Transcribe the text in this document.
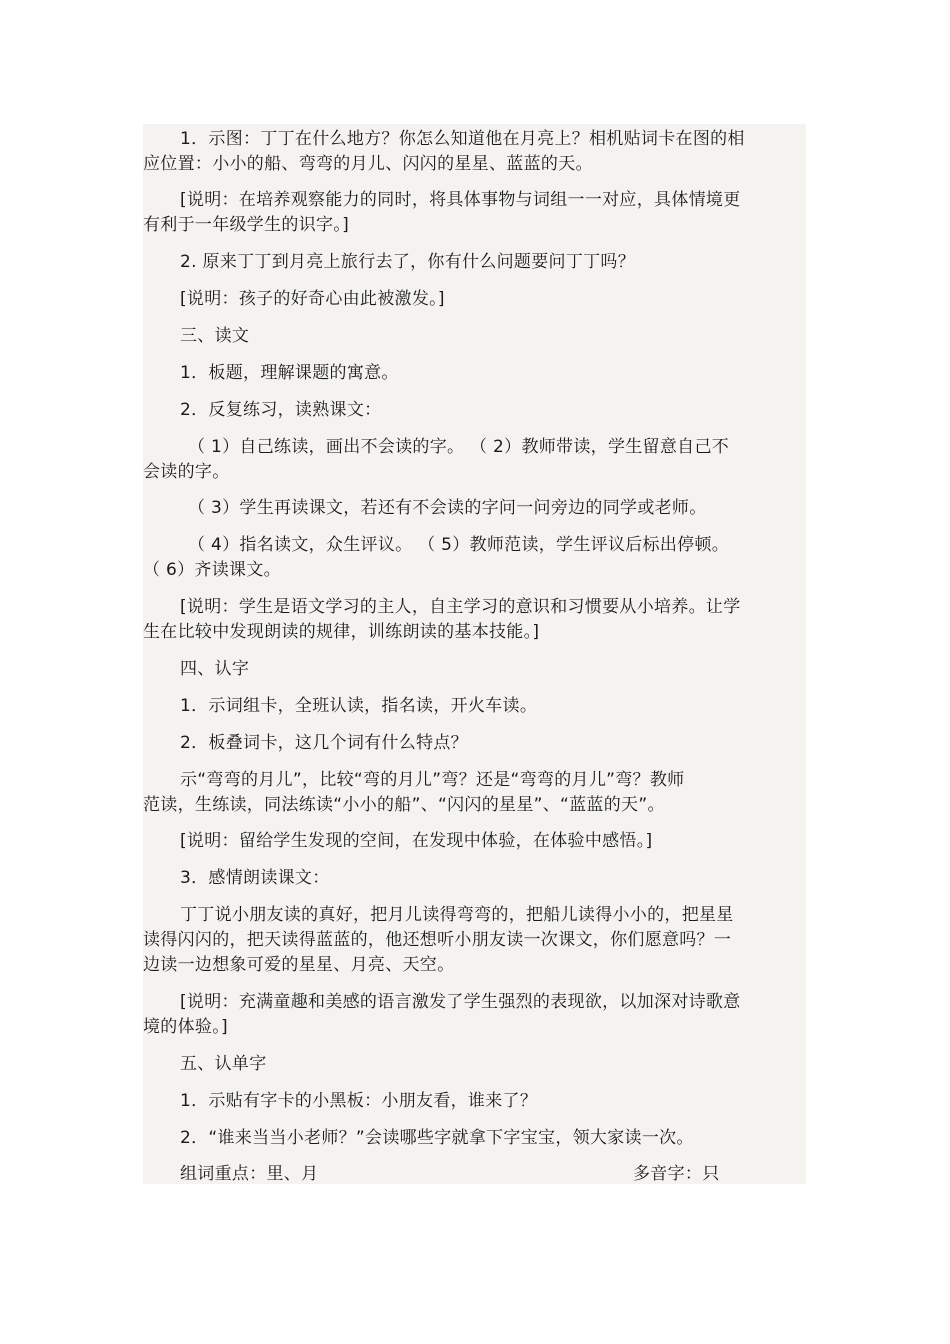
1．示图：丁丁在什么地方？你怎么知道他在月亮上？相机贴词卡在图的相

应位置：小小的船、弯弯的月儿、闪闪的星星、蓝蓝的天。

[说明：在培养观察能力的同时，将具体事物与词组一一对应，具体情境更

有利于一年级学生的识字。]

2. 原来丁丁到月亮上旅行去了，你有什么问题要问丁丁吗？

[说明：孩子的好奇心由此被激发。]

三、读文

1．板题，理解课题的寓意。

2．反复练习，读熟课文：

（ 1）自己练读，画出不会读的字。 （ 2）教师带读，学生留意自己不

会读的字。

（ 3）学生再读课文，若还有不会读的字问一问旁边的同学或老师。

（ 4）指名读文，众生评议。 （ 5）教师范读，学生评议后标出停顿。

（ 6）齐读课文。

[说明：学生是语文学习的主人，自主学习的意识和习惯要从小培养。让学

生在比较中发现朗读的规律，训练朗读的基本技能。]

四、认字

1．示词组卡，全班认读，指名读，开火车读。

2．板叠词卡，这几个词有什么特点？

示“弯弯的月儿”，比较“弯的月儿”弯？还是“弯弯的月儿”弯？教师

范读，生练读，同法练读“小小的船”、“闪闪的星星”、“蓝蓝的天”。

[说明：留给学生发现的空间，在发现中体验，在体验中感悟。]

3．感情朗读课文：

丁丁说小朋友读的真好，把月儿读得弯弯的，把船儿读得小小的，把星星

读得闪闪的，把天读得蓝蓝的，他还想听小朋友读一次课文，你们愿意吗？一

边读一边想象可爱的星星、月亮、天空。

[说明：充满童趣和美感的语言激发了学生强烈的表现欲，以加深对诗歌意

境的体验。]

五、认单字

1．示贴有字卡的小黑板：小朋友看，谁来了？

2．“谁来当当小老师？”会读哪些字就拿下字宝宝，领大家读一次。

组词重点：里、月	多音字：只
